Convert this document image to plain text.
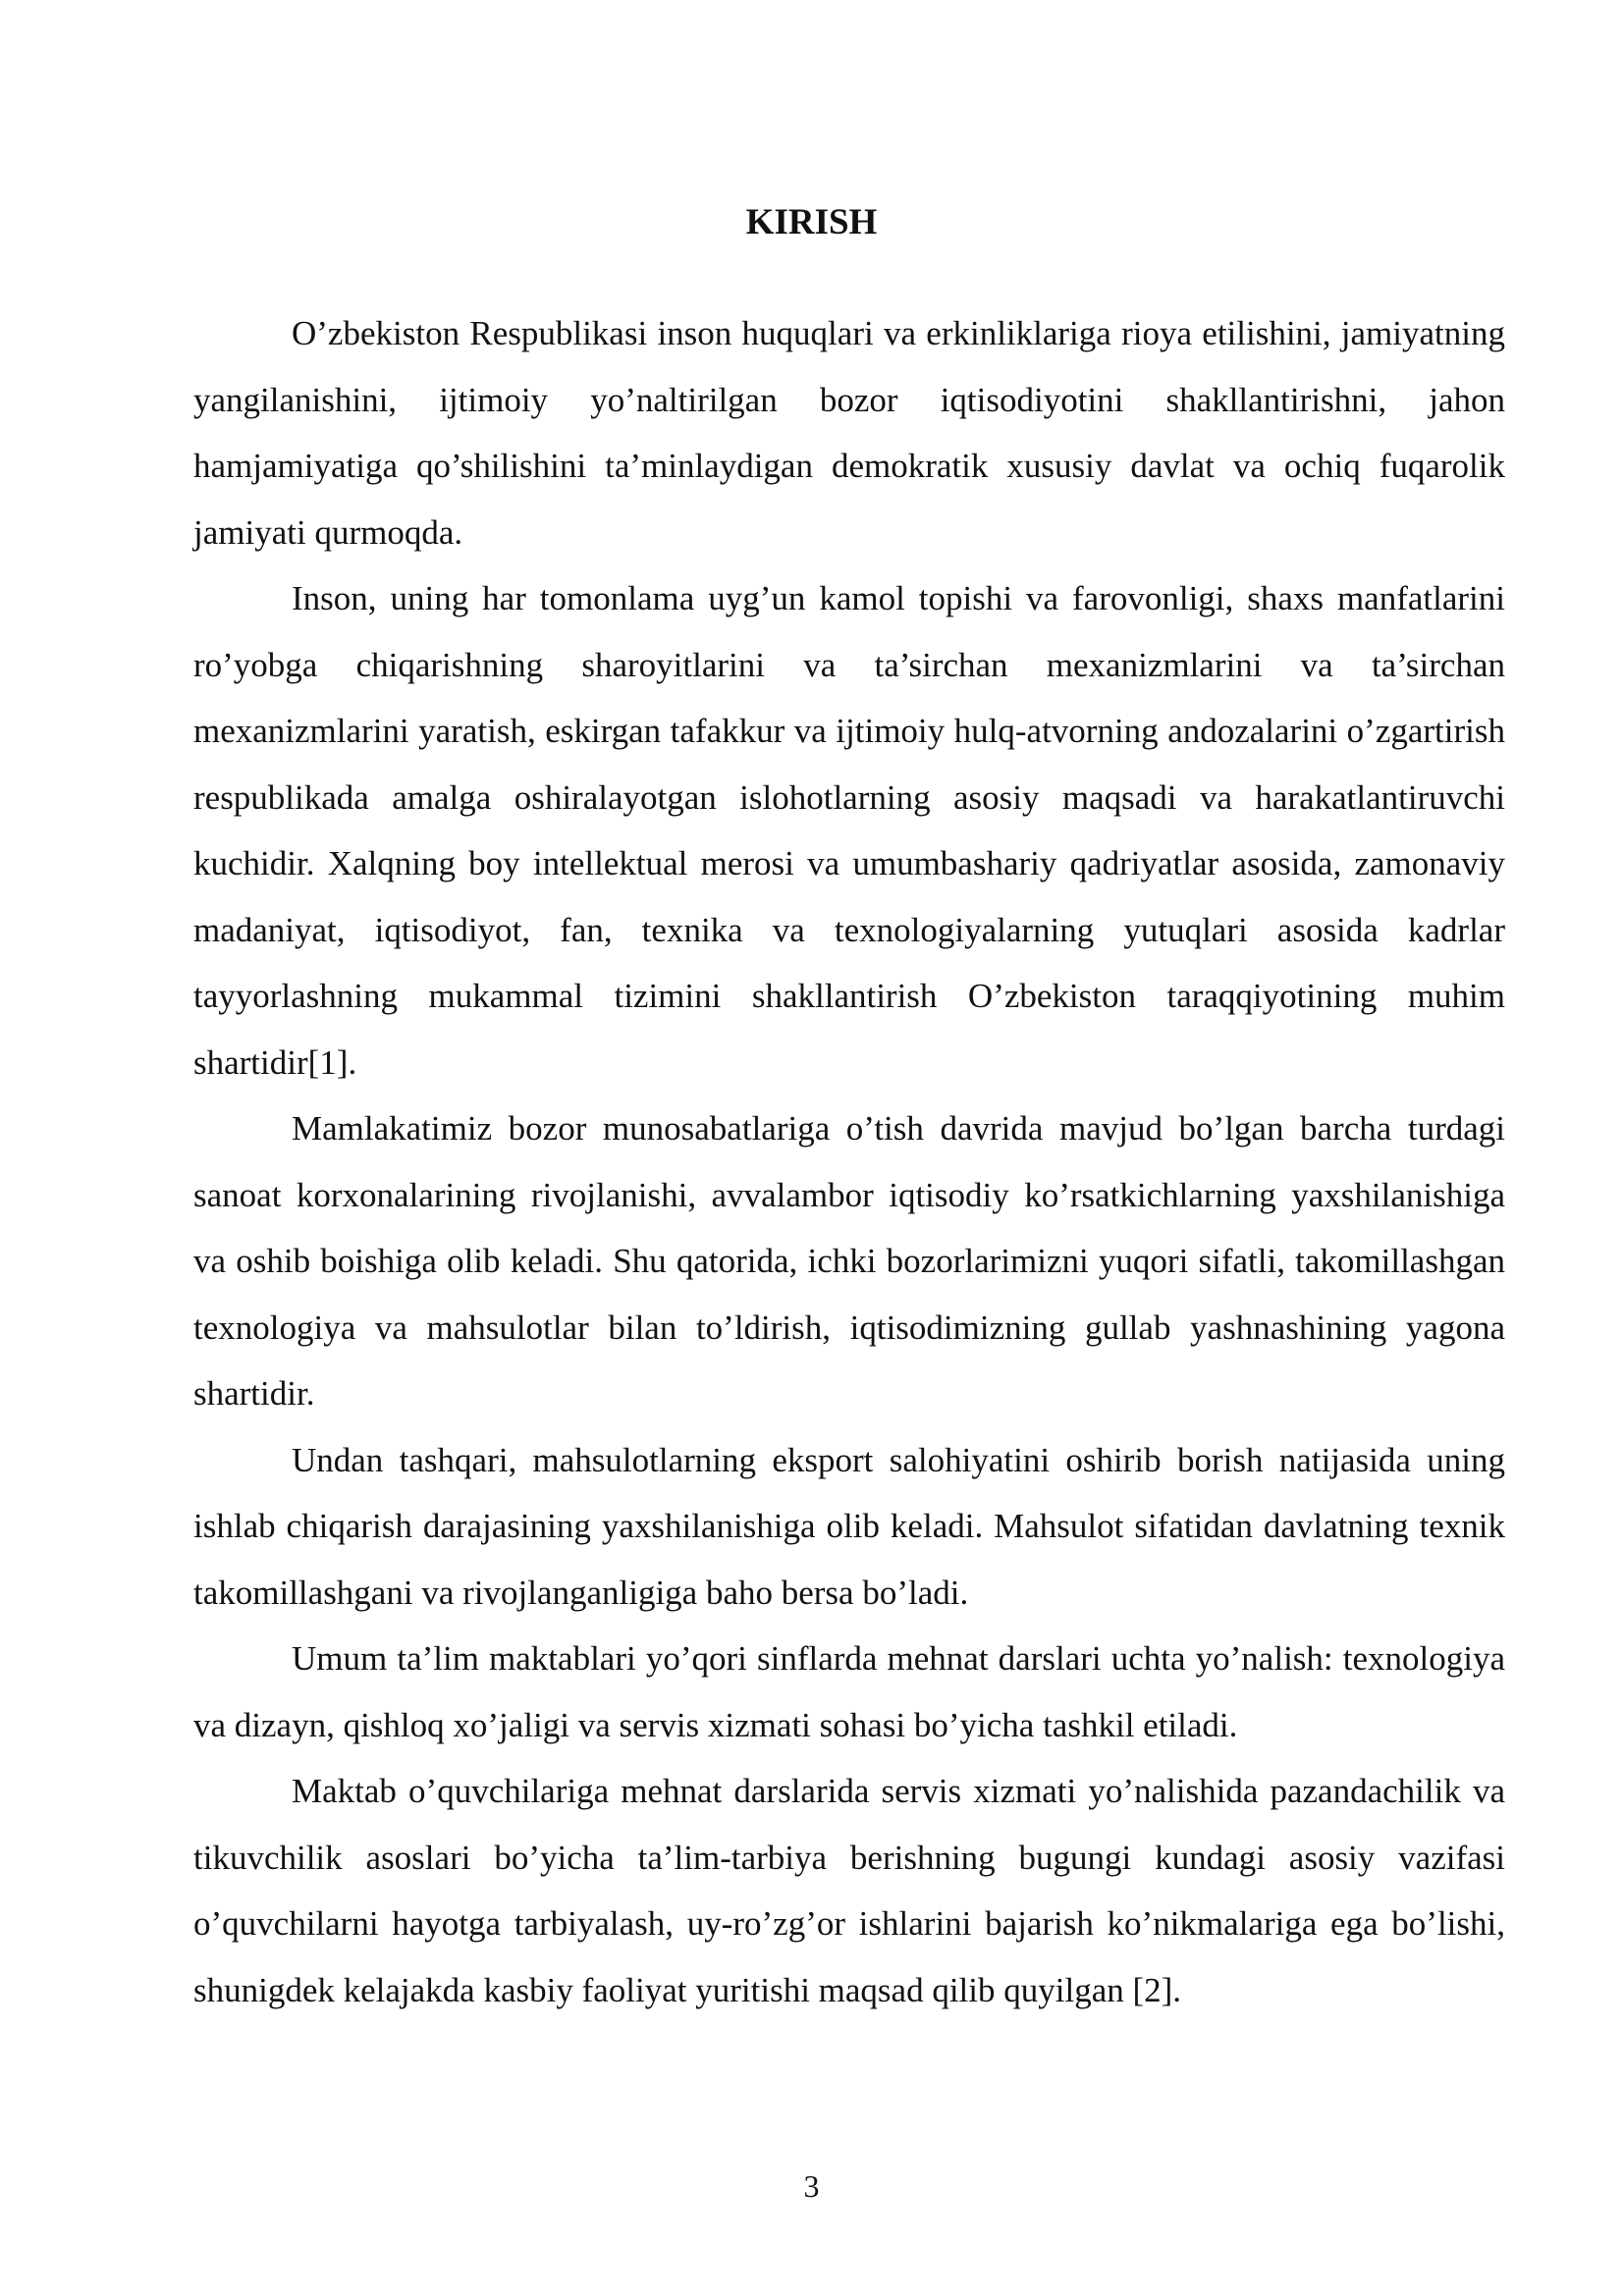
KIRISH

O’zbekiston Respublikasi inson huquqlari va erkinliklariga rioya etilishini, jamiyatning yangilanishini, ijtimoiy yo’naltirilgan bozor iqtisodiyotini shakllantirishni, jahon hamjamiyatiga qo’shilishini ta’minlaydigan demokratik xususiy davlat va ochiq fuqarolik jamiyati qurmoqda.

Inson, uning har tomonlama uyg’un kamol topishi va farovonligi, shaxs manfatlarini ro’yobga chiqarishning sharoyitlarini va ta’sirchan mexanizmlarini va ta’sirchan mexanizmlarini yaratish, eskirgan tafakkur va ijtimoiy hulq-atvorning andozalarini o’zgartirish respublikada amalga oshiralayotgan islohotlarning asosiy maqsadi va harakatlantiruvchi kuchidir. Xalqning boy intellektual merosi va umumbashariy qadriyatlar asosida, zamonaviy madaniyat, iqtisodiyot, fan, texnika va texnologiyalarning yutuqlari asosida kadrlar tayyorlashning mukammal tizimini shakllantirish O’zbekiston taraqqiyotining muhim shartidir[1].

Mamlakatimiz bozor munosabatlariga o’tish davrida mavjud bo’lgan barcha turdagi sanoat korxonalarining rivojlanishi, avvalambor iqtisodiy ko’rsatkichlarning yaxshilanishiga va oshib boishiga olib keladi. Shu qatorida, ichki bozorlarimizni yuqori sifatli, takomillashgan texnologiya va mahsulotlar bilan to’ldirish, iqtisodimizning gullab yashnashining yagona shartidir.

Undan tashqari, mahsulotlarning eksport salohiyatini oshirib borish natijasida uning ishlab chiqarish darajasining yaxshilanishiga olib keladi. Mahsulot sifatidan davlatning texnik takomillashgani va rivojlanganligiga baho bersa bo’ladi.

Umum ta’lim maktablari yo’qori sinflarda mehnat darslari uchta yo’nalish: texnologiya va dizayn, qishloq xo’jaligi va servis xizmati sohasi bo’yicha tashkil etiladi.

Maktab o’quvchilariga mehnat darslarida servis xizmati yo’nalishida pazandachilik va tikuvchilik asoslari bo’yicha ta’lim-tarbiya berishning bugungi kundagi asosiy vazifasi o’quvchilarni hayotga tarbiyalash, uy-ro’zg’or ishlarini bajarish ko’nikmalariga ega bo’lishi, shunigdek kelajakda kasbiy faoliyat yuritishi maqsad qilib quyilgan [2].

3
